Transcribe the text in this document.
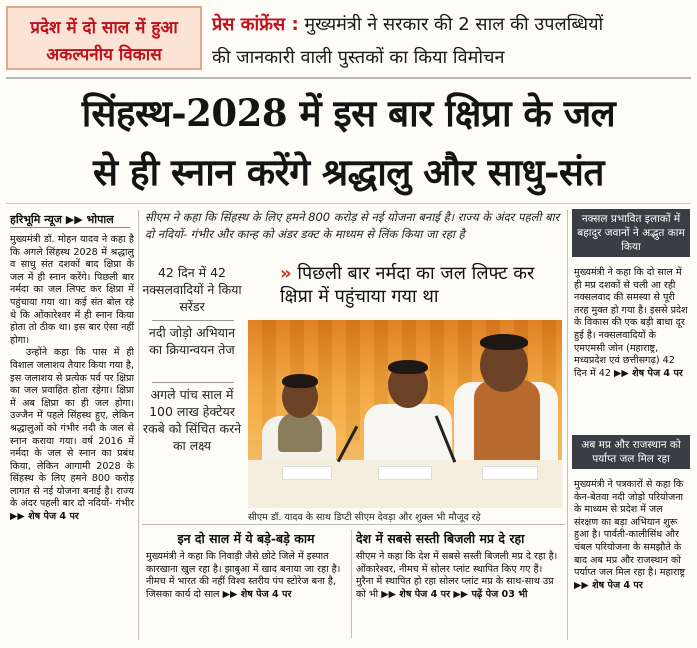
प्रदेश में दो साल में हुआ
अकल्पनीय विकास
प्रेस कांफ्रेंस : मुख्यमंत्री ने सरकार की 2 साल की उपलब्धियों
की जानकारी वाली पुस्तकों का किया विमोचन
सिंहस्थ-2028 में इस बार क्षिप्रा के जल
से ही स्नान करेंगे श्रद्धालु और साधु-संत
हरिभूमि न्यूज ▶▶ भोपाल

मुख्यमंत्री डॉ. मोहन यादव ने कहा है कि अगले सिंहस्थ 2028 में श्रद्धालु व साधु संत दशकों बाद क्षिप्रा के जल में ही स्नान करेंगे। पिछली बार नर्मदा का जल लिफ्ट कर क्षिप्रा में पहुंचाया गया था। कई संत बोल रहे थे कि ओंकारेश्वर में ही स्नान किया होता तो ठीक था। इस बार ऐसा नहीं होगा।

उन्होंने कहा कि पास में ही विशाल जलाशय तैयार किया गया है, इस जलाशय से प्रत्येक पर्व पर क्षिप्रा का जल प्रवाहित होता रहेगा। क्षिप्रा में अब क्षिप्रा का ही जल होगा। उज्जैन में पहले सिंहस्थ हुए, लेकिन श्रद्धालुओं को गंभीर नदी के जल से स्नान कराया गया। वर्ष 2016 में नर्मदा के जल से स्नान का प्रबंध किया, लेकिन आगामी 2028 के सिंहस्थ के लिए हमने 800 करोड़ लागत से नई योजना बनाई है। राज्य के अंदर पहली बार दो नदियों- गंभीर ▶▶ शेष पेज 4 पर

सीएम ने कहा कि सिंहस्थ के लिए हमने 800 करोड़ से नई योजना बनाई है। राज्य के अंदर पहली बार दो नदियों- गंभीर और कान्ह को अंडर डक्ट के माध्यम से लिंक किया जा रहा है
42 दिन में 42 नक्सलवादियों ने किया सरेंडर
नदी जोड़ो अभियान का क्रियान्वयन तेज
अगले पांच साल में 100 लाख हेक्टेयर रकबे को सिंचित करने का लक्ष्य
» पिछली बार नर्मदा का जल लिफ्ट कर क्षिप्रा में पहुंचाया गया था
सीएम डॉ. यादव के साथ डिप्टी सीएम देवड़ा और शुक्ल भी मौजूद रहे
इन दो साल में ये बड़े-बड़े काम
मुख्यमंत्री ने कहा कि निवाड़ी जैसे छोटे जिले में इस्पात कारखाना खुल रहा है। झाबुआ में खाद बनाया जा रहा है। नीमच में भारत की नहीं विश्व स्तरीय पंप स्टोरेज बना है, जिसका कार्य दो साल ▶▶ शेष पेज 4 पर
देश में सबसे सस्ती बिजली मप्र दे रहा
सीएम ने कहा कि देश में सबसे सस्ती बिजली मप्र दे रहा है। ओंकारेश्वर, नीमच में सोलर प्लांट स्थापित किए गए हैं। मुरैना में स्थापित हो रहा सोलर प्लांट मप्र के साथ-साथ उप्र को भी ▶▶ शेष पेज 4 पर ▶▶ पढ़ें पेज 03 भी
नक्सल प्रभावित इलाकों में बहादुर जवानों ने अद्भुत काम किया
मुख्यमंत्री ने कहा कि दो साल में ही मप्र दशकों से चली आ रही नक्सलवाद की समस्या से पूरी तरह मुक्त हो गया है। इससे प्रदेश के विकास की एक बड़ी बाधा दूर हुई है। नक्सलवादियों के एमएमसी जोन (महाराष्ट्र, मध्यप्रदेश एवं छत्तीसगढ़) 42 दिन में 42 ▶▶ शेष पेज 4 पर
अब मप्र और राजस्थान को पर्याप्त जल मिल रहा
मुख्यमंत्री ने पत्रकारों से कहा कि केन-बेतवा नदी जोड़ो परियोजना के माध्यम से प्रदेश में जल संरक्षण का बड़ा अभियान शुरू हुआ है। पार्वती-कालीसिंध और चंबल परियोजना के समझौते के बाद अब मप्र और राजस्थान को पर्याप्त जल मिल रहा है। महाराष्ट्र ▶▶ शेष पेज 4 पर
